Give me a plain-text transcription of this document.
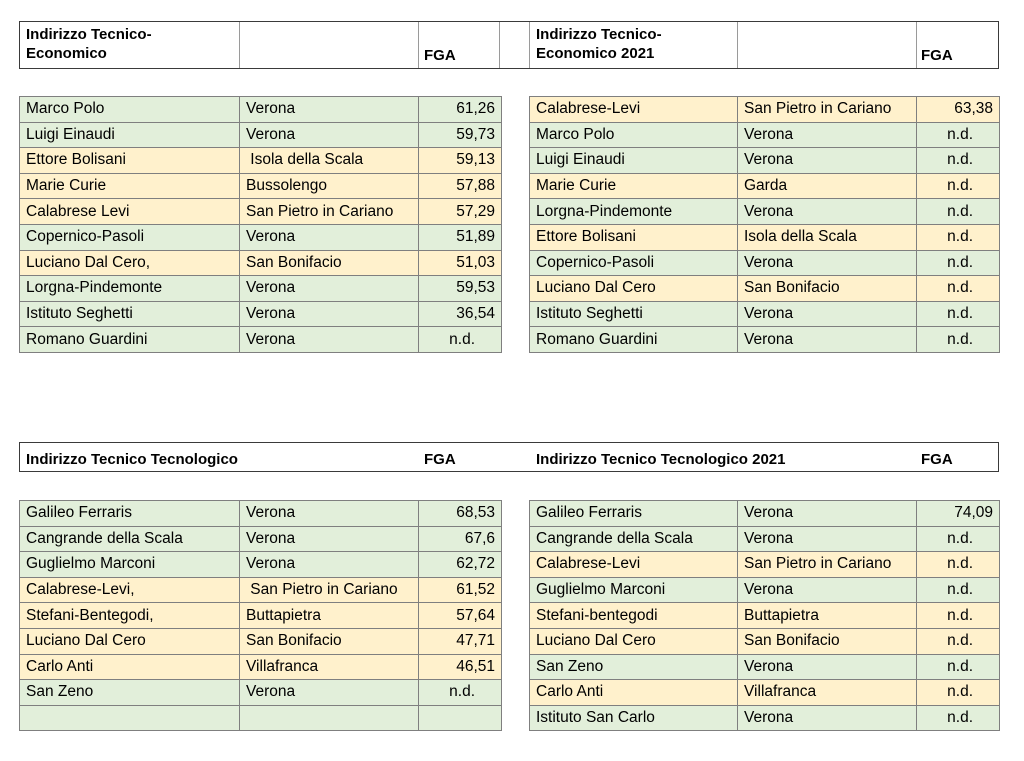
Indirizzo Tecnico-
Economico	FGA
Indirizzo Tecnico-
Economico 2021	FGA
Indirizzo Tecnico Tecnologico	FGA	Indirizzo Tecnico Tecnologico 2021	FGA
Marco Polo	Verona	61,26
Luigi Einaudi	Verona	59,73
Ettore Bolisani	Isola della Scala	59,13
Marie Curie	Bussolengo	57,88
Calabrese Levi	San Pietro in Cariano	57,29
Copernico-Pasoli	Verona	51,89
Luciano Dal Cero,	San Bonifacio	51,03
Lorgna-Pindemonte	Verona	59,53
Istituto Seghetti	Verona	36,54
Romano Guardini	Verona	n.d.
Calabrese-Levi	San Pietro in Cariano	63,38
Marco Polo	Verona	n.d.
Luigi Einaudi	Verona	n.d.
Marie Curie	Garda	n.d.
Lorgna-Pindemonte	Verona	n.d.
Ettore Bolisani	Isola della Scala	n.d.
Copernico-Pasoli	Verona	n.d.
Luciano Dal Cero	San Bonifacio	n.d.
Istituto Seghetti	Verona	n.d.
Romano Guardini	Verona	n.d.
Galileo Ferraris	Verona	68,53
Cangrande della Scala	Verona	67,6
Guglielmo Marconi	Verona	62,72
Calabrese-Levi,	San Pietro in Cariano	61,52
Stefani-Bentegodi,	Buttapietra	57,64
Luciano Dal Cero	San Bonifacio	47,71
Carlo Anti	Villafranca	46,51
San Zeno	Verona	n.d.

Galileo Ferraris	Verona	74,09
Cangrande della Scala	Verona	n.d.
Calabrese-Levi	San Pietro in Cariano	n.d.
Guglielmo Marconi	Verona	n.d.
Stefani-bentegodi	Buttapietra	n.d.
Luciano Dal Cero	San Bonifacio	n.d.
San Zeno	Verona	n.d.
Carlo Anti	Villafranca	n.d.
Istituto San Carlo	Verona	n.d.
